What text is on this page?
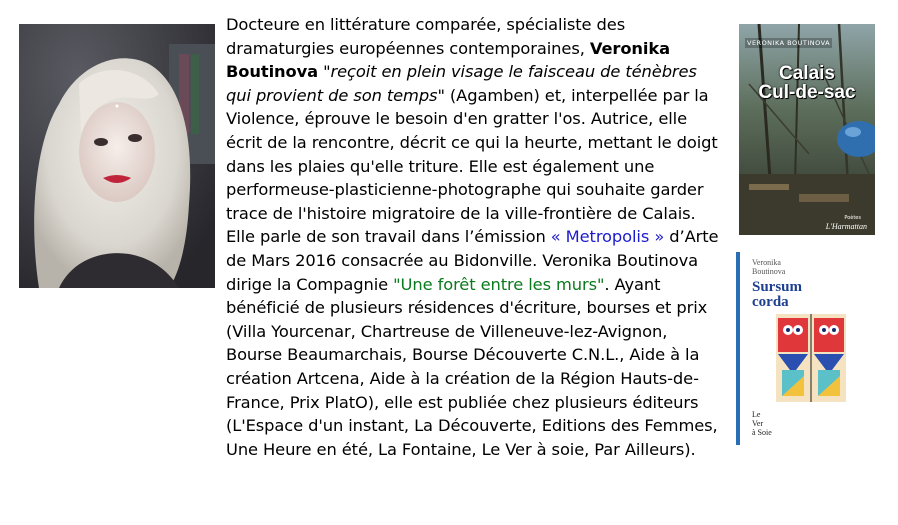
Docteure en littérature comparée, spécialiste des dramaturgies européennes contemporaines, Veronika Boutinova "reçoit en plein visage le faisceau de ténèbres qui provient de son temps" (Agamben) et, interpellée par la Violence, éprouve le besoin d'en gratter l'os. Autrice, elle écrit de la rencontre, décrit ce qui la heurte, mettant le doigt dans les plaies qu'elle triture. Elle est également une performeuse-plasticienne-photographe qui souhaite garder trace de l'histoire migratoire de la ville-frontière de Calais. Elle parle de son travail dans l’émission « Metropolis » d’Arte de Mars 2016 consacrée au Bidonville. Veronika Boutinova dirige la Compagnie "Une forêt entre les murs". Ayant bénéficié de plusieurs résidences d'écriture, bourses et prix (Villa Yourcenar, Chartreuse de Villeneuve-lez-Avignon, Bourse Beaumarchais, Bourse Découverte C.N.L., Aide à la création Artcena, Aide à la création de la Région Hauts-de-France, Prix PlatO), elle est publiée chez plusieurs éditeurs (L'Espace d'un instant, La Découverte, Editions des Femmes, Une Heure en été, La Fontaine, Le Ver à soie, Par Ailleurs).

VERONIKA BOUTINOVA
Calais
Cul-de-sac
Poètes
L'Harmattan
Veronika
Boutinova
Sursum
corda
Le
Ver
à Soie
